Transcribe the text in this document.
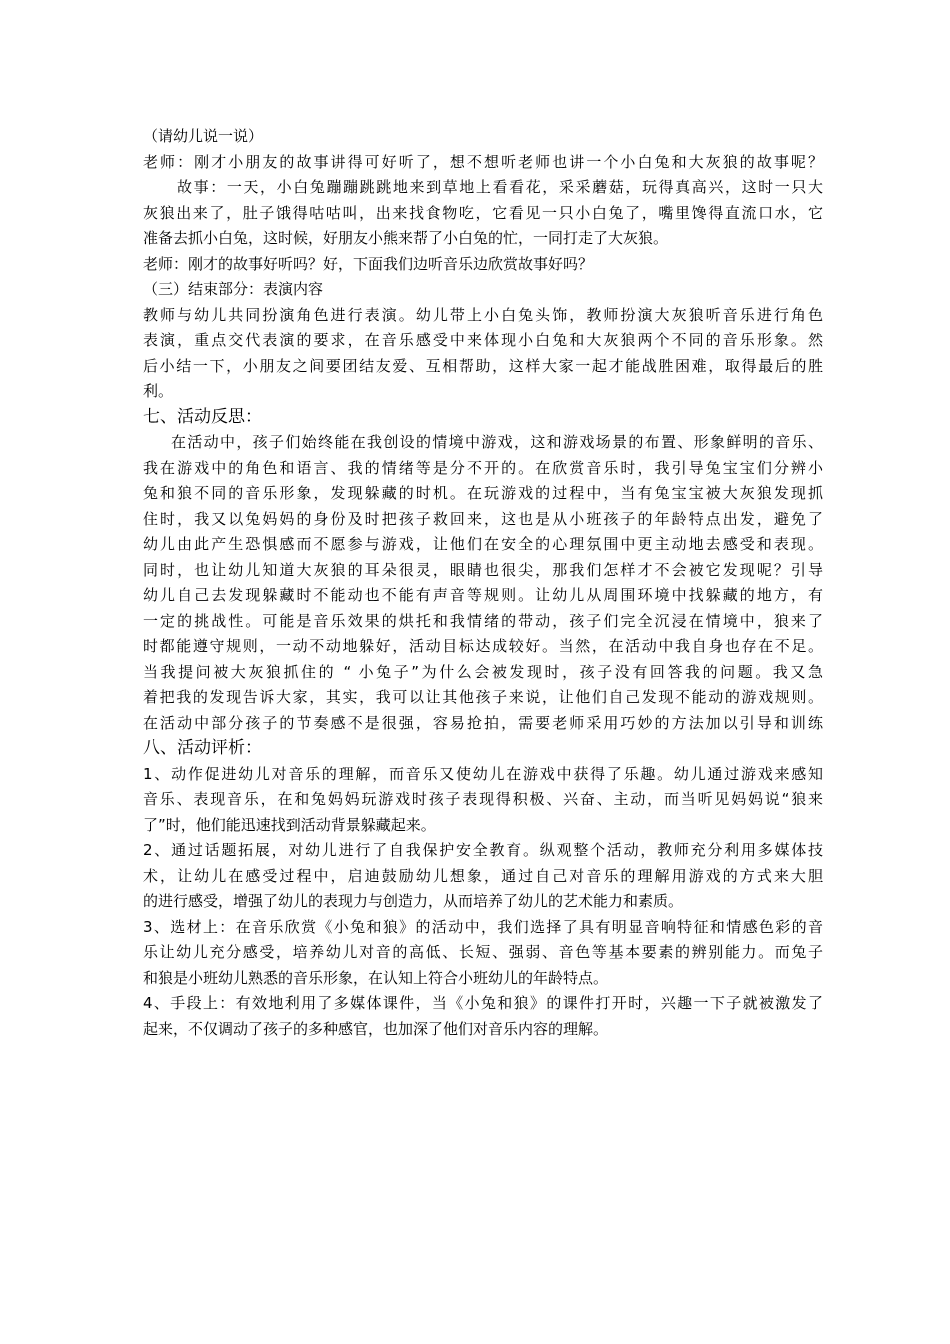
（请幼儿说一说）
老师：刚才小朋友的故事讲得可好听了，想不想听老师也讲一个小白兔和大灰狼的故事呢？
故事：一天，小白兔蹦蹦跳跳地来到草地上看看花，采采蘑菇，玩得真高兴，这时一只大
灰狼出来了，肚子饿得咕咕叫，出来找食物吃，它看见一只小白兔了，嘴里馋得直流口水，它
准备去抓小白兔，这时候，好朋友小熊来帮了小白兔的忙，一同打走了大灰狼。
老师：刚才的故事好听吗？好，下面我们边听音乐边欣赏故事好吗？
（三）结束部分：表演内容
教师与幼儿共同扮演角色进行表演。幼儿带上小白兔头饰，教师扮演大灰狼听音乐进行角色
表演，重点交代表演的要求，在音乐感受中来体现小白兔和大灰狼两个不同的音乐形象。然
后小结一下，小朋友之间要团结友爱、互相帮助，这样大家一起才能战胜困难，取得最后的胜
利。
七、活动反思：
在活动中，孩子们始终能在我创设的情境中游戏，这和游戏场景的布置、形象鲜明的音乐、
我在游戏中的角色和语言、我的情绪等是分不开的。在欣赏音乐时，我引导兔宝宝们分辨小
兔和狼不同的音乐形象，发现躲藏的时机。在玩游戏的过程中，当有兔宝宝被大灰狼发现抓
住时，我又以兔妈妈的身份及时把孩子救回来，这也是从小班孩子的年龄特点出发，避免了
幼儿由此产生恐惧感而不愿参与游戏，让他们在安全的心理氛围中更主动地去感受和表现。
同时，也让幼儿知道大灰狼的耳朵很灵，眼睛也很尖，那我们怎样才不会被它发现呢？引导
幼儿自己去发现躲藏时不能动也不能有声音等规则。让幼儿从周围环境中找躲藏的地方，有
一定的挑战性。可能是音乐效果的烘托和我情绪的带动，孩子们完全沉浸在情境中，狼来了
时都能遵守规则，一动不动地躲好，活动目标达成较好。当然，在活动中我自身也存在不足。
当我提问被大灰狼抓住的 “ 小兔子”为什么会被发现时，孩子没有回答我的问题。我又急
着把我的发现告诉大家，其实，我可以让其他孩子来说，让他们自己发现不能动的游戏规则。
在活动中部分孩子的节奏感不是很强，容易抢拍，需要老师采用巧妙的方法加以引导和训练
八、活动评析：
1、动作促进幼儿对音乐的理解，而音乐又使幼儿在游戏中获得了乐趣。幼儿通过游戏来感知
音乐、表现音乐，在和兔妈妈玩游戏时孩子表现得积极、兴奋、主动，而当听见妈妈说“狼来
了”时，他们能迅速找到活动背景躲藏起来。
2、通过话题拓展，对幼儿进行了自我保护安全教育。纵观整个活动，教师充分利用多媒体技
术，让幼儿在感受过程中，启迪鼓励幼儿想象，通过自己对音乐的理解用游戏的方式来大胆
的进行感受，增强了幼儿的表现力与创造力，从而培养了幼儿的艺术能力和素质。
3、选材上：在音乐欣赏《小兔和狼》的活动中，我们选择了具有明显音响特征和情感色彩的音
乐让幼儿充分感受，培养幼儿对音的高低、长短、强弱、音色等基本要素的辨别能力。而兔子
和狼是小班幼儿熟悉的音乐形象，在认知上符合小班幼儿的年龄特点。
4、手段上：有效地利用了多媒体课件，当《小兔和狼》的课件打开时，兴趣一下子就被激发了
起来，不仅调动了孩子的多种感官，也加深了他们对音乐内容的理解。
